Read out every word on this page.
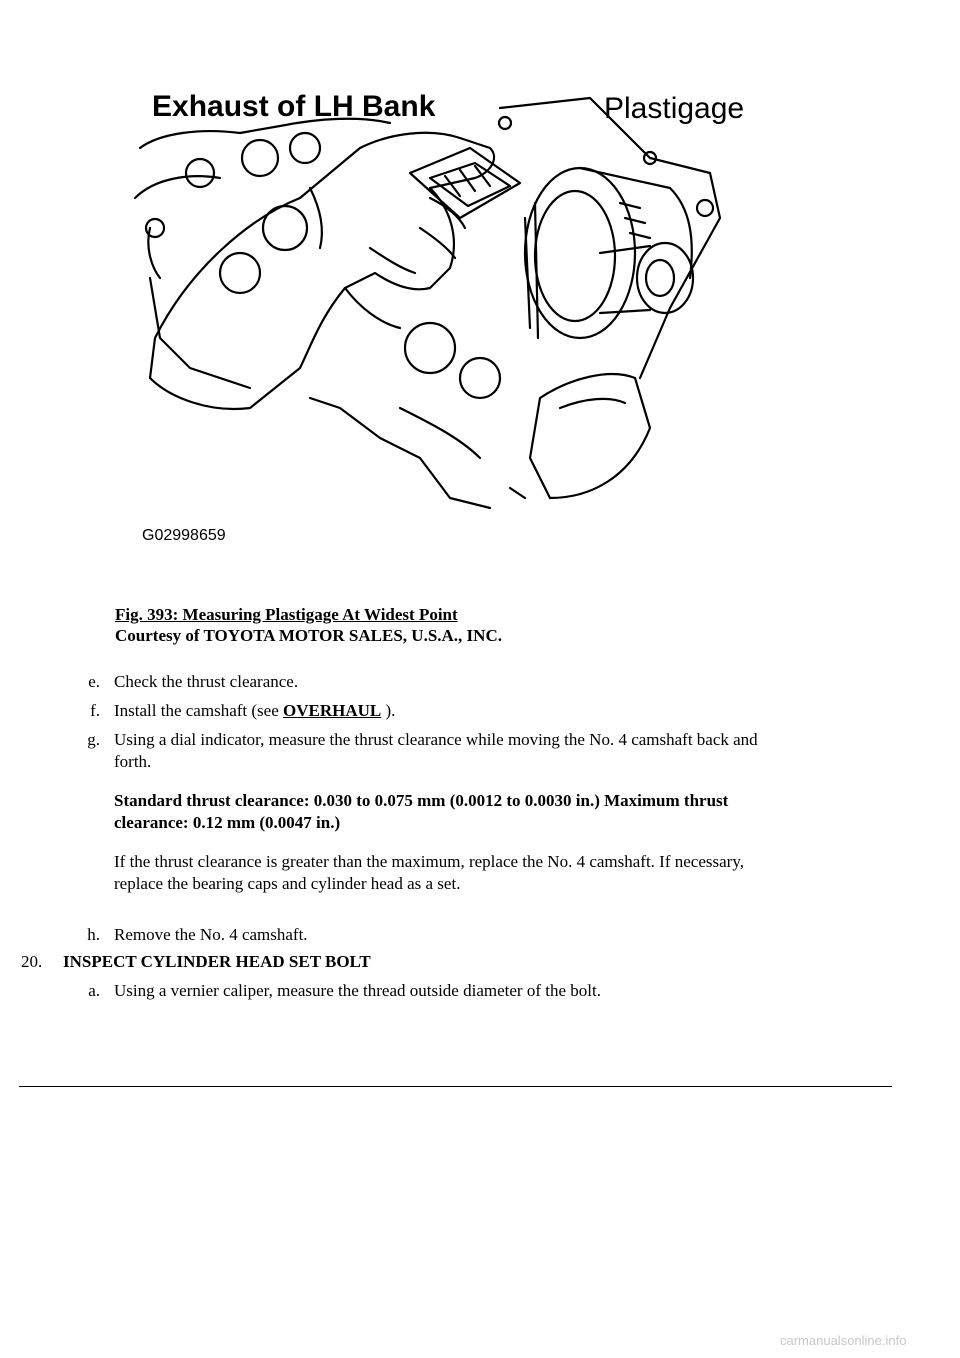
Exhaust of LH Bank	Plastigage
G02998659
Fig. 393: Measuring Plastigage At Widest Point
Courtesy of TOYOTA MOTOR SALES, U.S.A., INC.
e. Check the thrust clearance.
f. Install the camshaft (see OVERHAUL ).
g. Using a dial indicator, measure the thrust clearance while moving the No. 4 camshaft back and
forth.
Standard thrust clearance: 0.030 to 0.075 mm (0.0012 to 0.0030 in.) Maximum thrust
clearance: 0.12 mm (0.0047 in.)
If the thrust clearance is greater than the maximum, replace the No. 4 camshaft. If necessary,
replace the bearing caps and cylinder head as a set.
h. Remove the No. 4 camshaft.
20. INSPECT CYLINDER HEAD SET BOLT
a. Using a vernier caliper, measure the thread outside diameter of the bolt.
carmanualsonline.info
